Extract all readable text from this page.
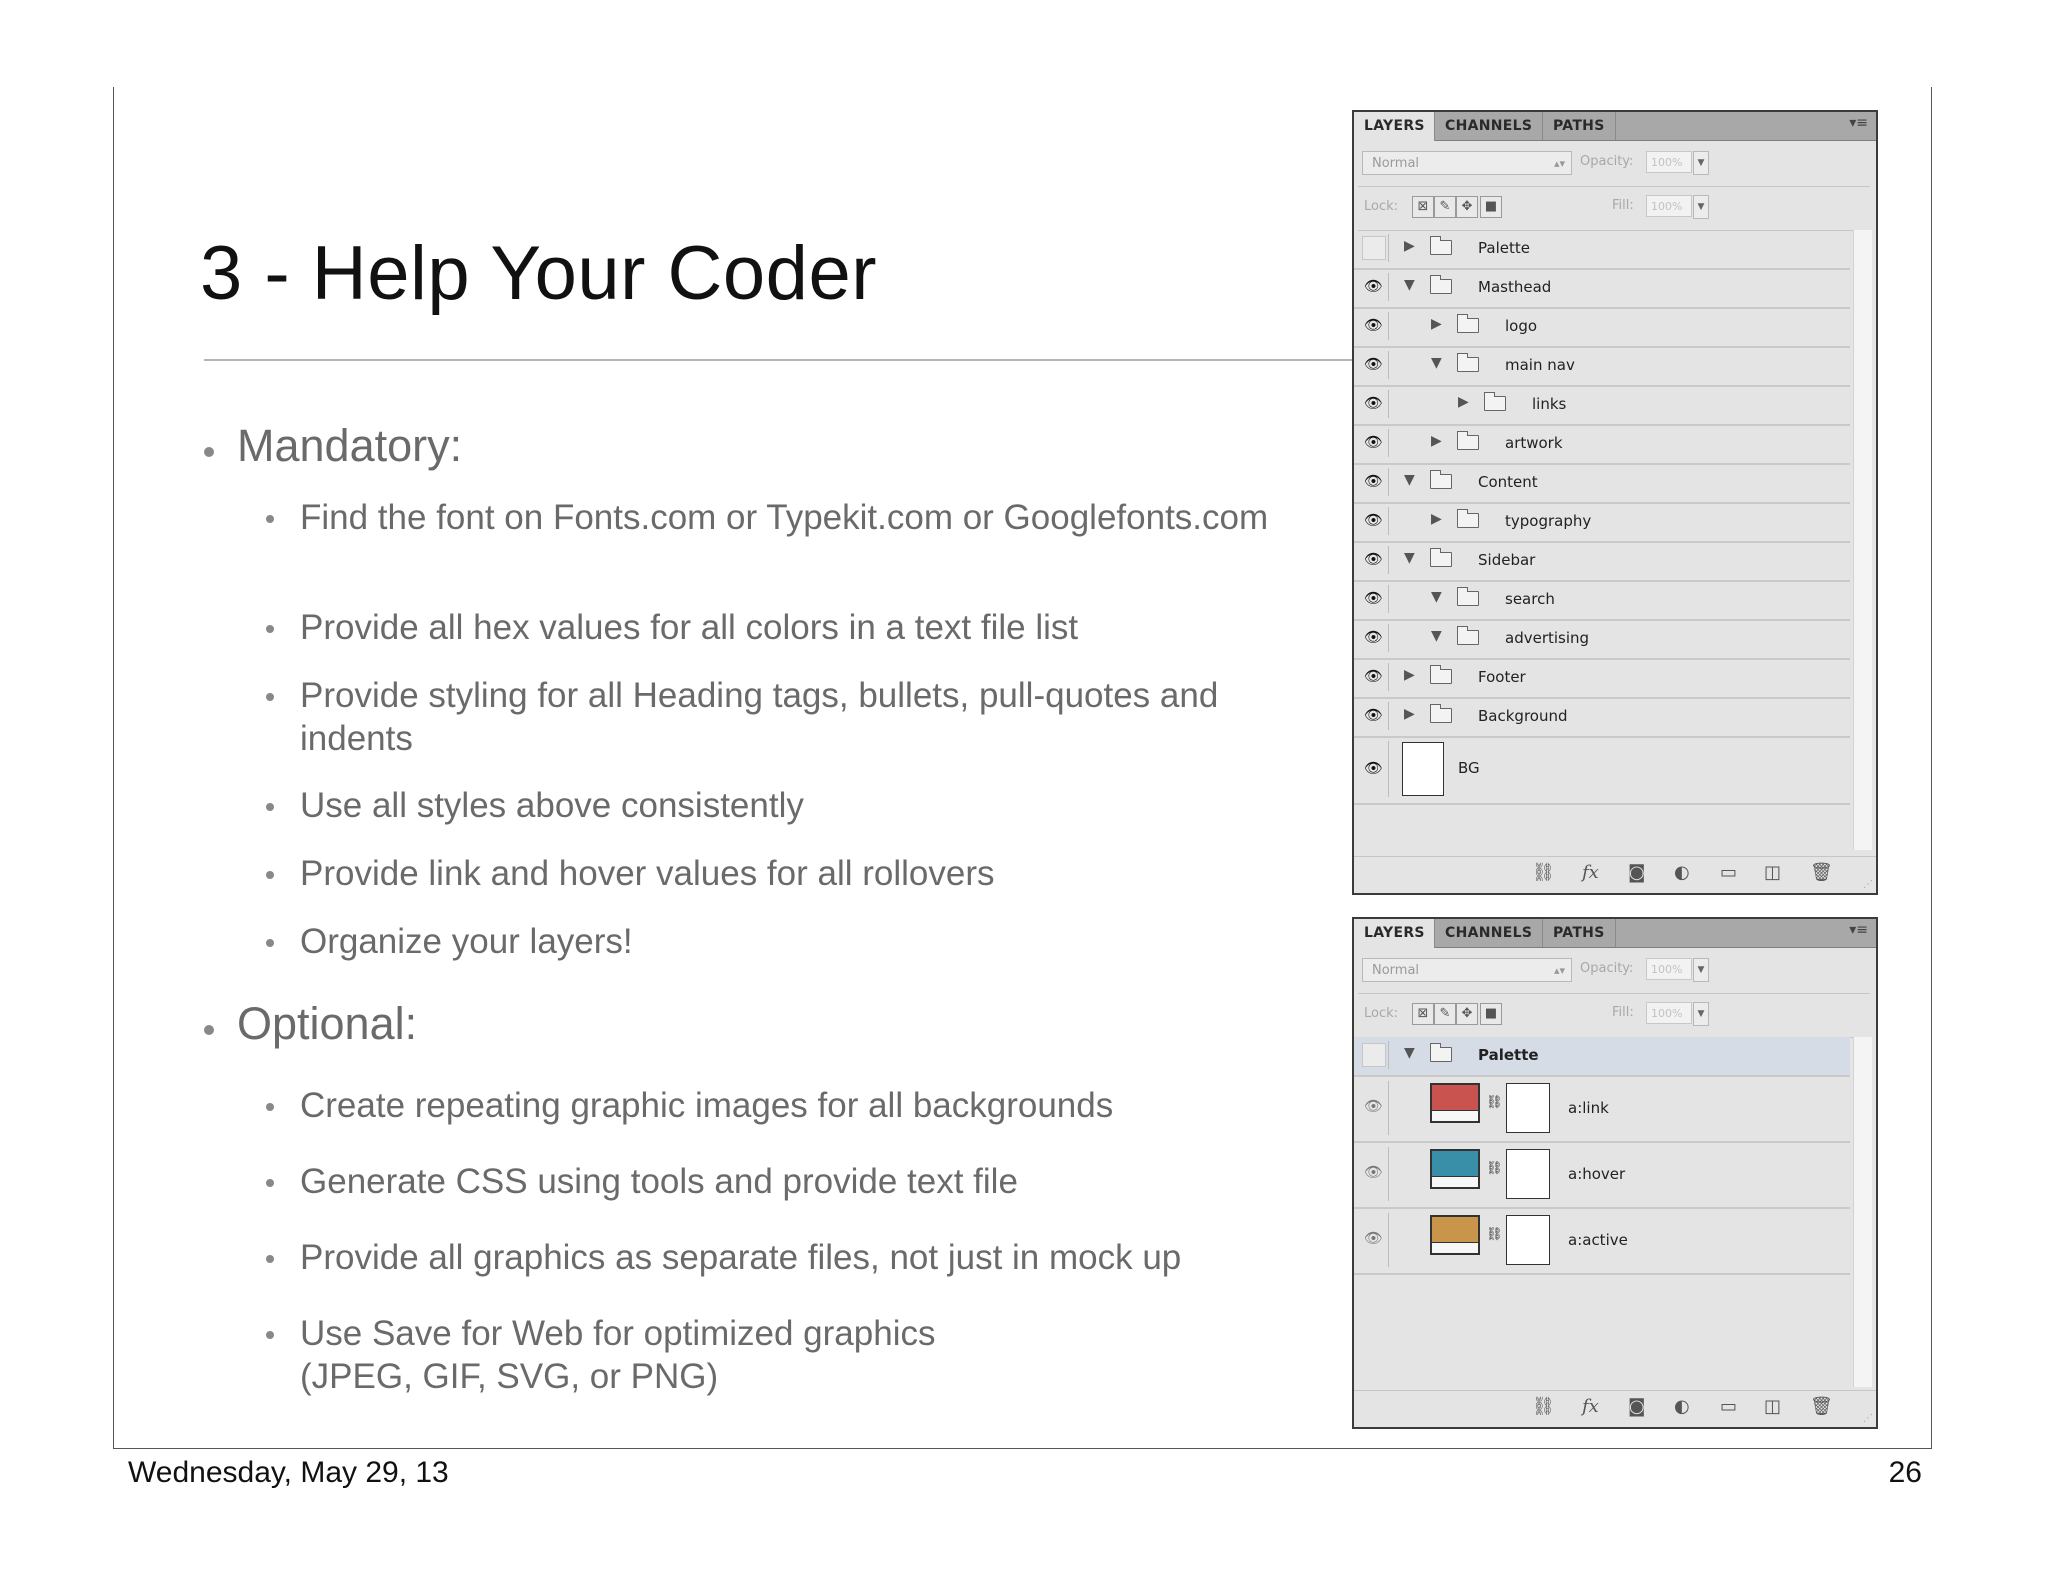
3 - Help Your Coder
Mandatory:
Find the font on Fonts.com or Typekit.com or Googlefonts.com
Provide all hex values for all colors in a text file list
Provide styling for all Heading tags, bullets, pull-quotes and indents
Use all styles above consistently
Provide link and hover values for all rollovers
Organize your layers!
Optional:
Create repeating graphic images for all backgrounds
Generate CSS using tools and provide text file
Provide all graphics as separate files, not just in mock up
Use Save for Web for optimized graphics
(JPEG, GIF, SVG, or PNG)
Wednesday, May 29, 13	26
LAYERS	CHANNELS	PATHS	▾≡
Normal	▴▾ Opacity:	100%	▼
Lock:	⊠ ✎ ✥ ■	Fill:	100%	▼
▶	Palette
👁 ▼	Masthead
👁	▶	logo
👁	▼	main nav
👁	▶	links
👁	▶	artwork
👁 ▼	Content
👁	▶	typography
👁 ▼	Sidebar
👁	▼	search
👁	▼	advertising
👁 ▶	Footer
👁 ▶	Background
👁	BG
⛓ fx ◙ ◐ ▭ ◫ 🗑
⋰
LAYERS	CHANNELS	PATHS	▾≡
Normal	▴▾ Opacity:	100%	▼
Lock:	⊠ ✎ ✥ ■	Fill:	100%	▼
▼	Palette
👁	⛓	a:link
👁	⛓	a:hover
👁	⛓	a:active
⛓ fx ◙ ◐ ▭ ◫ 🗑
⋰
